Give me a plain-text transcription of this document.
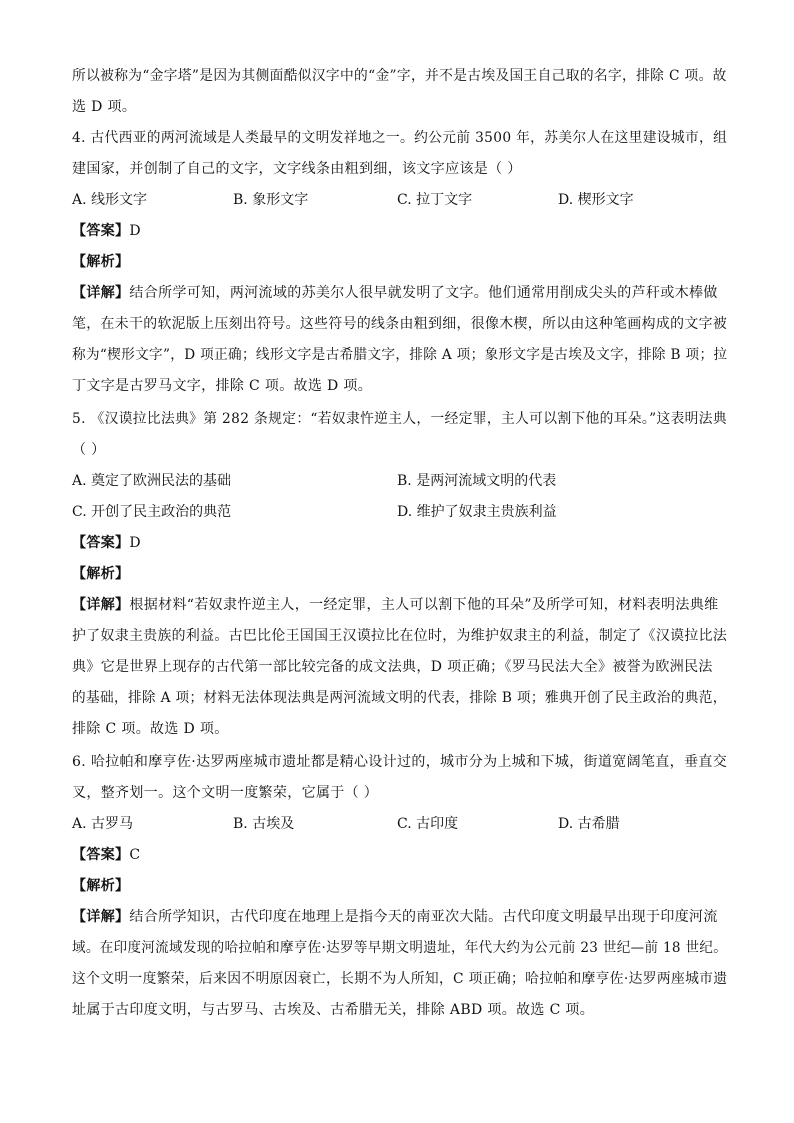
所以被称为“金字塔”是因为其侧面酷似汉字中的“金”字，并不是古埃及国王自己取的名字，排除 C 项。故
选 D 项。
4. 古代西亚的两河流域是人类最早的文明发祥地之一。约公元前 3500 年，苏美尔人在这里建设城市，组
建国家，并创制了自己的文字，文字线条由粗到细，该文字应该是（ ）
A. 线形文字	B. 象形文字	C. 拉丁文字	D. 楔形文字
【答案】D
【解析】
【详解】结合所学可知，两河流域的苏美尔人很早就发明了文字。他们通常用削成尖头的芦秆或木棒做
笔，在未干的软泥版上压刻出符号。这些符号的线条由粗到细，很像木楔，所以由这种笔画构成的文字被
称为“楔形文字”，D 项正确；线形文字是古希腊文字，排除 A 项；象形文字是古埃及文字，排除 B 项；拉
丁文字是古罗马文字，排除 C 项。故选 D 项。
5. 《汉谟拉比法典》第 282 条规定：“若奴隶忤逆主人，一经定罪，主人可以割下他的耳朵。”这表明法典
（ ）
A. 奠定了欧洲民法的基础	B. 是两河流域文明的代表
C. 开创了民主政治的典范	D. 维护了奴隶主贵族利益
【答案】D
【解析】
【详解】根据材料“若奴隶忤逆主人，一经定罪，主人可以割下他的耳朵”及所学可知，材料表明法典维
护了奴隶主贵族的利益。古巴比伦王国国王汉谟拉比在位时，为维护奴隶主的利益，制定了《汉谟拉比法
典》它是世界上现存的古代第一部比较完备的成文法典，D 项正确；《罗马民法大全》被誉为欧洲民法
的基础，排除 A 项；材料无法体现法典是两河流域文明的代表，排除 B 项；雅典开创了民主政治的典范，
排除 C 项。故选 D 项。
6. 哈拉帕和摩亨佐·达罗两座城市遗址都是精心设计过的，城市分为上城和下城，街道宽阔笔直，垂直交
叉，整齐划一。这个文明一度繁荣，它属于（ ）
A. 古罗马	B. 古埃及	C. 古印度	D. 古希腊
【答案】C
【解析】
【详解】结合所学知识，古代印度在地理上是指今天的南亚次大陆。古代印度文明最早出现于印度河流
域。在印度河流域发现的哈拉帕和摩亨佐·达罗等早期文明遗址，年代大约为公元前 23 世纪—前 18 世纪。
这个文明一度繁荣，后来因不明原因衰亡，长期不为人所知，C 项正确；哈拉帕和摩亨佐·达罗两座城市遗
址属于古印度文明，与古罗马、古埃及、古希腊无关，排除 ABD 项。故选 C 项。
